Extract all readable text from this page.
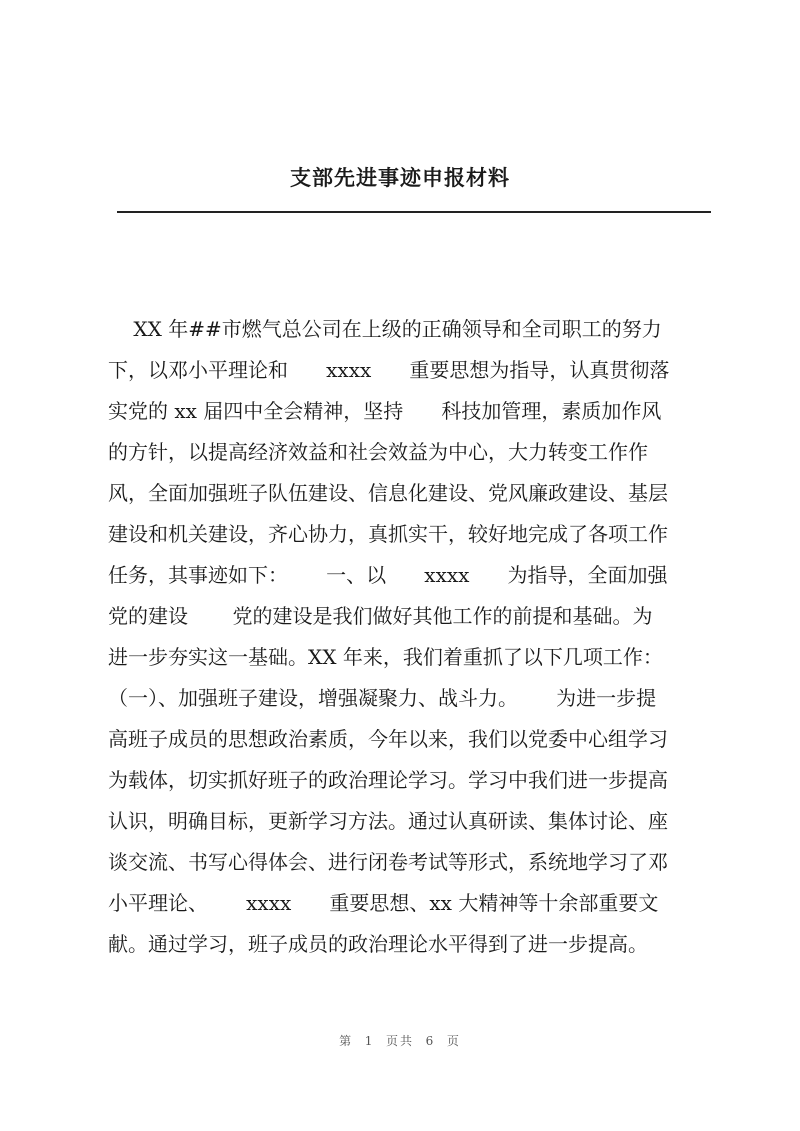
支部先进事迹申报材料
XX 年##市燃气总公司在上级的正确领导和全司职工的努力
下，以邓小平理论和      xxxx      重要思想为指导，认真贯彻落
实党的 xx 届四中全会精神，坚持      科技加管理，素质加作风
的方针，以提高经济效益和社会效益为中心，大力转变工作作
风，全面加强班子队伍建设、信息化建设、党风廉政建设、基层
建设和机关建设，齐心协力，真抓实干，较好地完成了各项工作
任务，其事迹如下：      一、以      xxxx      为指导，全面加强
党的建设       党的建设是我们做好其他工作的前提和基础。为
进一步夯实这一基础。XX 年来，我们着重抓了以下几项工作：
（一）、加强班子建设，增强凝聚力、战斗力。      为进一步提
高班子成员的思想政治素质，今年以来，我们以党委中心组学习
为载体，切实抓好班子的政治理论学习。学习中我们进一步提高
认识，明确目标，更新学习方法。通过认真研读、集体讨论、座
谈交流、书写心得体会、进行闭卷考试等形式，系统地学习了邓
小平理论、      xxxx      重要思想、xx 大精神等十余部重要文
献。通过学习，班子成员的政治理论水平得到了进一步提高。
第  1  页共  6  页
